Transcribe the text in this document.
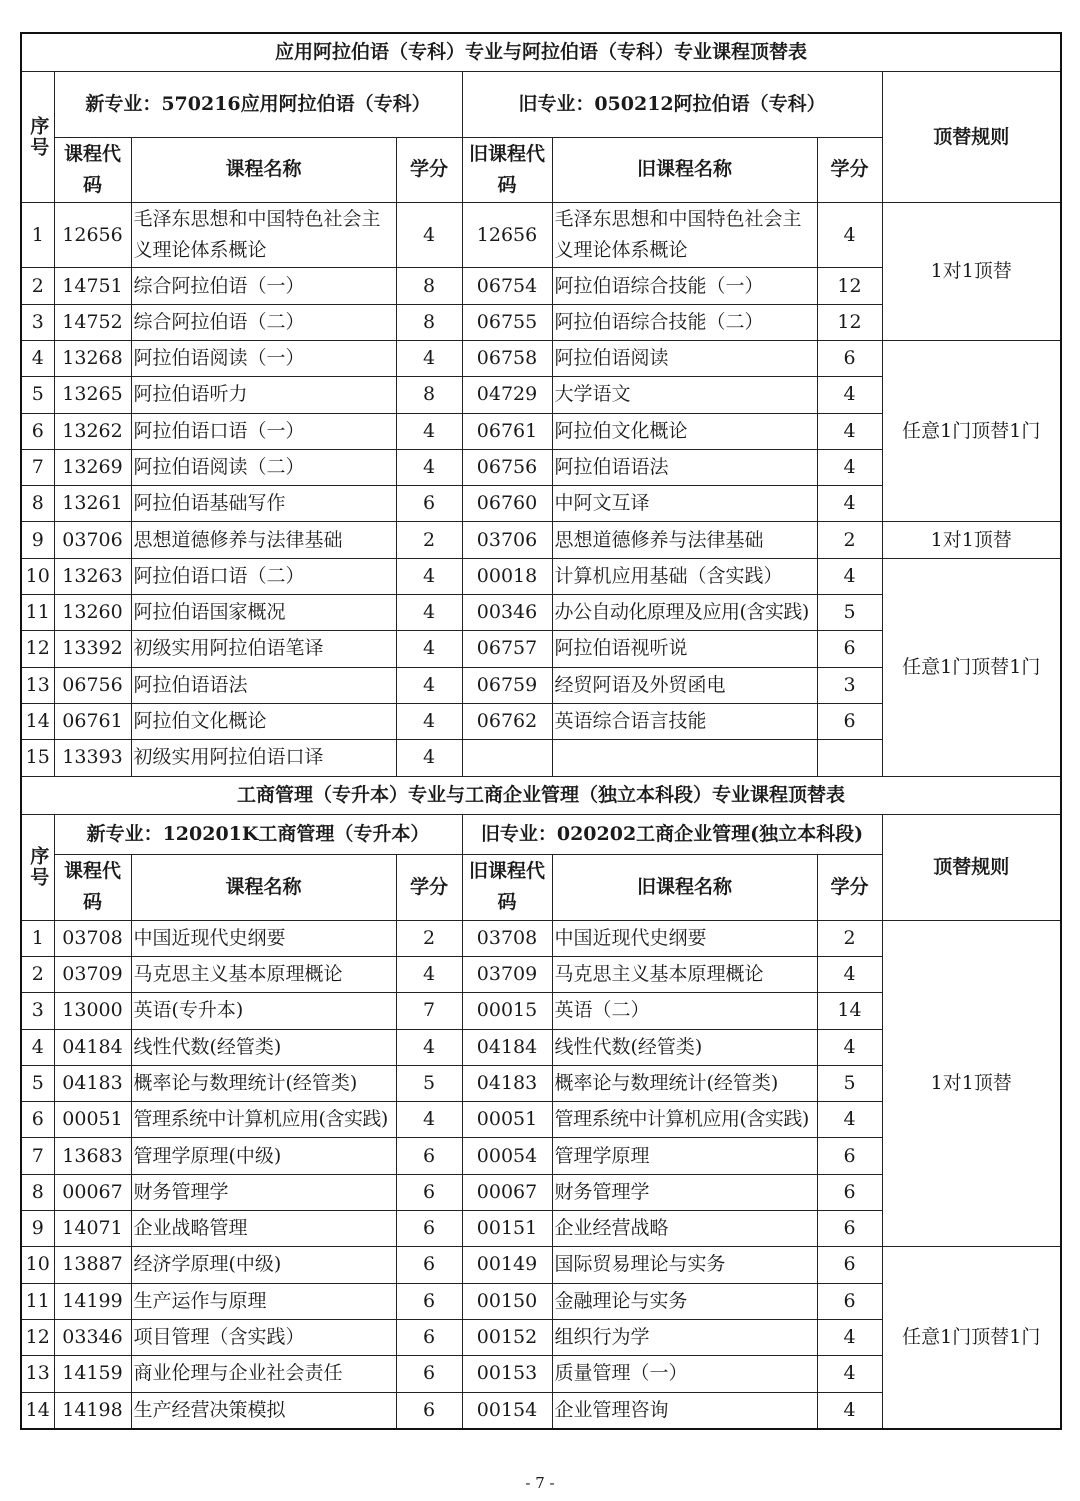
应用阿拉伯语（专科）专业与阿拉伯语（专科）专业课程顶替表							
序号	新专业：570216应用阿拉伯语（专科）			旧专业：050212阿拉伯语（专科）			顶替规则
	课程代码	课程名称	学分	旧课程代码	旧课程名称	学分	
1	12656	毛泽东思想和中国特色社会主义理论体系概论	4	12656	毛泽东思想和中国特色社会主义理论体系概论	4	1对1顶替
2	14751	综合阿拉伯语（一）	8	06754	阿拉伯语综合技能（一）	12	
3	14752	综合阿拉伯语（二）	8	06755	阿拉伯语综合技能（二）	12	
4	13268	阿拉伯语阅读（一）	4	06758	阿拉伯语阅读	6	任意1门顶替1门
5	13265	阿拉伯语听力	8	04729	大学语文	4	
6	13262	阿拉伯语口语（一）	4	06761	阿拉伯文化概论	4	
7	13269	阿拉伯语阅读（二）	4	06756	阿拉伯语语法	4	
8	13261	阿拉伯语基础写作	6	06760	中阿文互译	4	
9	03706	思想道德修养与法律基础	2	03706	思想道德修养与法律基础	2	1对1顶替
10	13263	阿拉伯语口语（二）	4	00018	计算机应用基础（含实践）	4	任意1门顶替1门
11	13260	阿拉伯语国家概况	4	00346	办公自动化原理及应用(含实践)	5	
12	13392	初级实用阿拉伯语笔译	4	06757	阿拉伯语视听说	6	
13	06756	阿拉伯语语法	4	06759	经贸阿语及外贸函电	3	
14	06761	阿拉伯文化概论	4	06762	英语综合语言技能	6	
15	13393	初级实用阿拉伯语口译	4				
工商管理（专升本）专业与工商企业管理（独立本科段）专业课程顶替表							
序号	新专业：120201K工商管理（专升本）			旧专业：020202工商企业管理(独立本科段)			顶替规则
	课程代码	课程名称	学分	旧课程代码	旧课程名称	学分	
1	03708	中国近现代史纲要	2	03708	中国近现代史纲要	2	1对1顶替
2	03709	马克思主义基本原理概论	4	03709	马克思主义基本原理概论	4	
3	13000	英语(专升本)	7	00015	英语（二）	14	
4	04184	线性代数(经管类)	4	04184	线性代数(经管类)	4	
5	04183	概率论与数理统计(经管类)	5	04183	概率论与数理统计(经管类)	5	
6	00051	管理系统中计算机应用(含实践)	4	00051	管理系统中计算机应用(含实践)	4	
7	13683	管理学原理(中级)	6	00054	管理学原理	6	
8	00067	财务管理学	6	00067	财务管理学	6	
9	14071	企业战略管理	6	00151	企业经营战略	6	
10	13887	经济学原理(中级)	6	00149	国际贸易理论与实务	6	任意1门顶替1门
11	14199	生产运作与原理	6	00150	金融理论与实务	6	
12	03346	项目管理（含实践）	6	00152	组织行为学	4	
13	14159	商业伦理与企业社会责任	6	00153	质量管理（一）	4	
14	14198	生产经营决策模拟	6	00154	企业管理咨询	4	
- 7 -
